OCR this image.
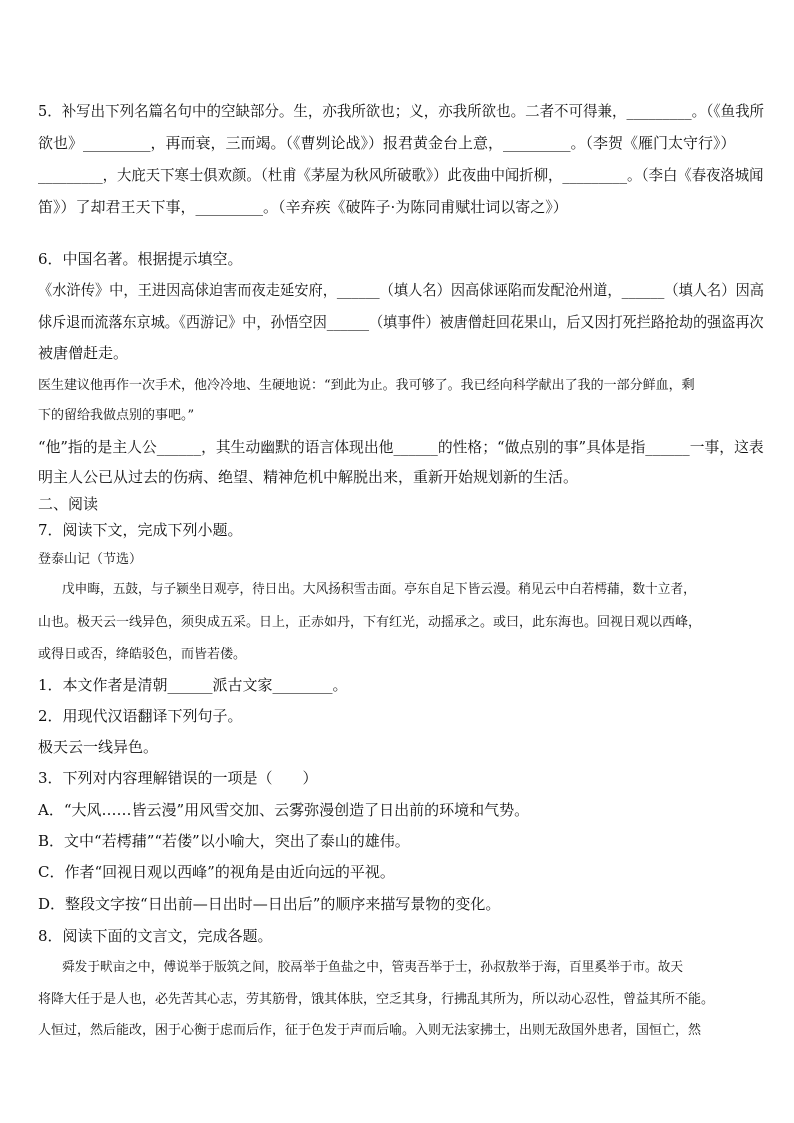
5．补写出下列名篇名句中的空缺部分。生，亦我所欲也；义，亦我所欲也。二者不可得兼，_________。（《鱼我所
欲也》_________，再而衰，三而竭。（《曹刿论战》）报君黄金台上意，_________。（李贺《雁门太守行》）
_________，大庇天下寒士俱欢颜。（杜甫《茅屋为秋风所破歌》）此夜曲中闻折柳，_________。（李白《春夜洛城闻
笛》）了却君王天下事，_________。（辛弃疾《破阵子·为陈同甫赋壮词以寄之》）
6．中国名著。根据提示填空。
《水浒传》中，王进因高俅迫害而夜走延安府，______（填人名）因高俅诬陷而发配沧州道，______（填人名）因高
俅斥退而流落东京城。《西游记》中，孙悟空因______（填事件）被唐僧赶回花果山，后又因打死拦路抢劫的强盗再次
被唐僧赶走。
医生建议他再作一次手术，他冷冷地、生硬地说：“到此为止。我可够了。我已经向科学献出了我的一部分鲜血，剩
下的留给我做点别的事吧。”
“他”指的是主人公______，其生动幽默的语言体现出他______的性格；“做点别的事”具体是指______一事，这表
明主人公已从过去的伤病、绝望、精神危机中解脱出来，重新开始规划新的生活。
二、阅读
7．阅读下文，完成下列小题。
登泰山记（节选）
戊申晦，五鼓，与子颍坐日观亭，待日出。大风扬积雪击面。亭东自足下皆云漫。稍见云中白若樗蒱，数十立者，
山也。极天云一线异色，须臾成五采。日上，正赤如丹，下有红光，动摇承之。或曰，此东海也。回视日观以西峰，
或得日或否，绛皓驳色，而皆若偻。
1．本文作者是清朝______派古文家________。
2．用现代汉语翻译下列句子。
极天云一线异色。
3．下列对内容理解错误的一项是（　　）
A．“大风……皆云漫”用风雪交加、云雾弥漫创造了日出前的环境和气势。
B．文中“若樗蒱”“若偻”以小喻大，突出了泰山的雄伟。
C．作者“回视日观以西峰”的视角是由近向远的平视。
D．整段文字按“日出前—日出时—日出后”的顺序来描写景物的变化。
8．阅读下面的文言文，完成各题。
舜发于畎亩之中，傅说举于版筑之间，胶鬲举于鱼盐之中，管夷吾举于士，孙叔敖举于海，百里奚举于市。故天
将降大任于是人也，必先苦其心志，劳其筋骨，饿其体肤，空乏其身，行拂乱其所为，所以动心忍性，曾益其所不能。
人恒过，然后能改，困于心衡于虑而后作，征于色发于声而后喻。入则无法家拂士，出则无敌国外患者，国恒亡，然
